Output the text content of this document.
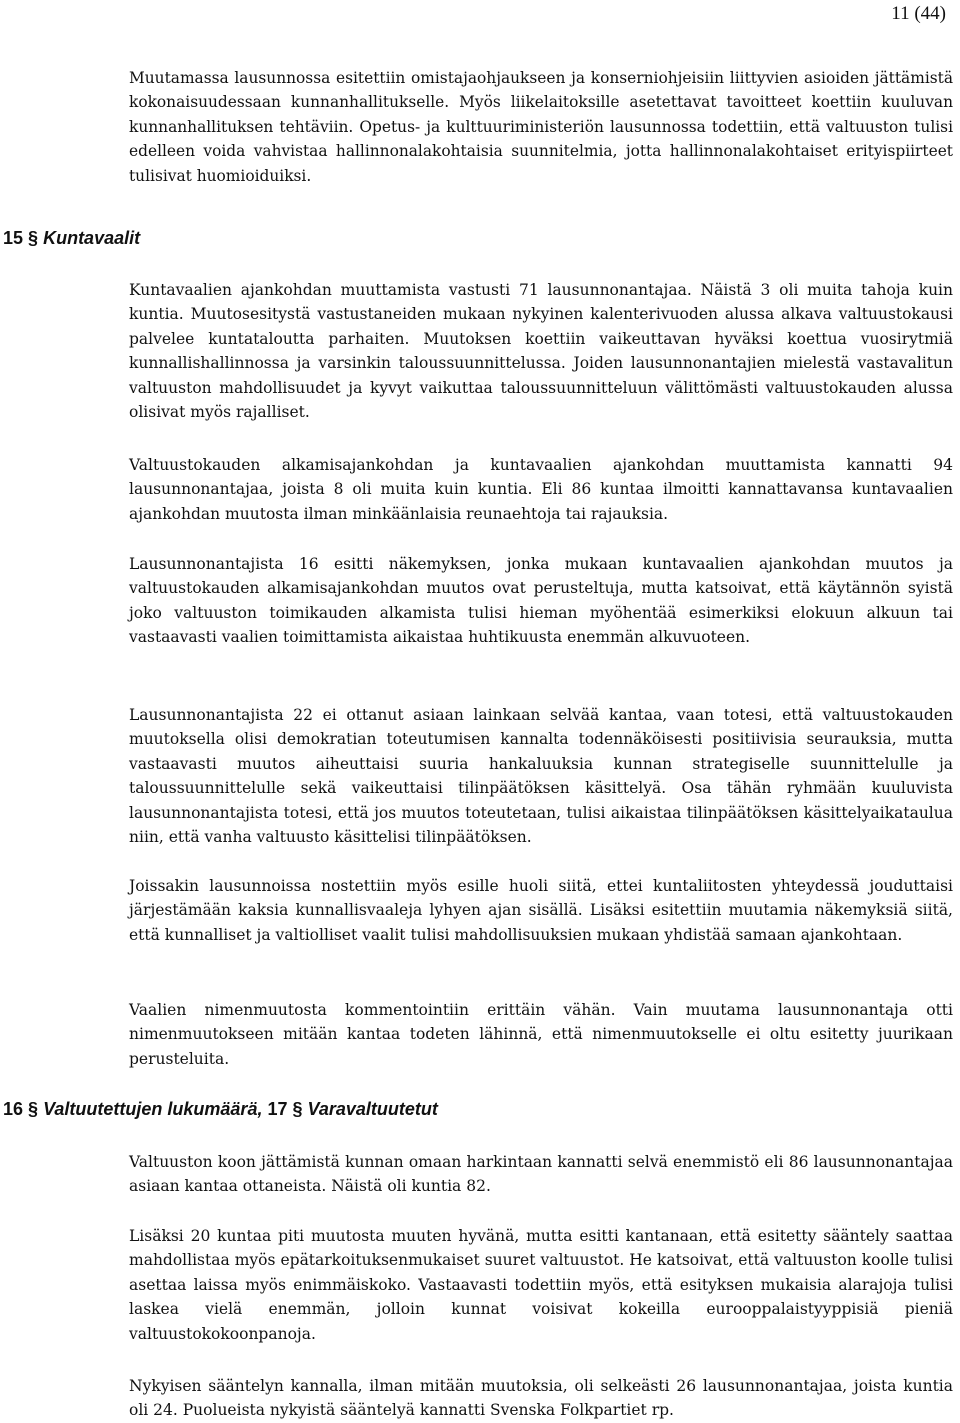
11 (44)

Muutamassa lausunnossa esitettiin omistajaohjaukseen ja konserniohjeisiin liittyvien asioiden jättämistä kokonaisuudessaan kunnanhallitukselle. Myös liikelaitoksille asetettavat tavoitteet koettiin kuuluvan kunnanhallituksen tehtäviin. Opetus- ja kulttuuriministeriön lausunnossa todettiin, että valtuuston tulisi edelleen voida vahvistaa hallinnonalakohtaisia suunnitelmia, jotta hallinnonalakohtaiset erityispiirteet tulisivat huomioiduiksi.

15 § Kuntavaalit

Kuntavaalien ajankohdan muuttamista vastusti 71 lausunnonantajaa. Näistä 3 oli muita tahoja kuin kuntia. Muutosesitystä vastustaneiden mukaan nykyinen kalenterivuoden alussa alkava valtuustokausi palvelee kuntataloutta parhaiten. Muutoksen koettiin vaikeuttavan hyväksi koettua vuosirytmiä kunnallishallinnossa ja varsinkin taloussuunnittelussa. Joiden lausunnonantajien mielestä vastavalitun valtuuston mahdollisuudet ja kyvyt vaikuttaa taloussuunnitteluun välittömästi valtuustokauden alussa olisivat myös rajalliset.

Valtuustokauden alkamisajankohdan ja kuntavaalien ajankohdan muuttamista kannatti 94 lausunnonantajaa, joista 8 oli muita kuin kuntia. Eli 86 kuntaa ilmoitti kannattavansa kuntavaalien ajankohdan muutosta ilman minkäänlaisia reunaehtoja tai rajauksia.

Lausunnonantajista 16 esitti näkemyksen, jonka mukaan kuntavaalien ajankohdan muutos ja valtuustokauden alkamisajankohdan muutos ovat perusteltuja, mutta katsoivat, että käytännön syistä joko valtuuston toimikauden alkamista tulisi hieman myöhentää esimerkiksi elokuun alkuun tai vastaavasti vaalien toimittamista aikaistaa huhtikuusta enemmän alkuvuoteen.

Lausunnonantajista 22 ei ottanut asiaan lainkaan selvää kantaa, vaan totesi, että valtuustokauden muutoksella olisi demokratian toteutumisen kannalta todennäköisesti positiivisia seurauksia, mutta vastaavasti muutos aiheuttaisi suuria hankaluuksia kunnan strategiselle suunnittelulle ja taloussuunnittelulle sekä vaikeuttaisi tilinpäätöksen käsittelyä. Osa tähän ryhmään kuuluvista lausunnonantajista totesi, että jos muutos toteutetaan, tulisi aikaistaa tilinpäätöksen käsittelyaikataulua niin, että vanha valtuusto käsittelisi tilinpäätöksen.

Joissakin lausunnoissa nostettiin myös esille huoli siitä, ettei kuntaliitosten yhteydessä jouduttaisi järjestämään kaksia kunnallisvaaleja lyhyen ajan sisällä. Lisäksi esitettiin muutamia näkemyksiä siitä, että kunnalliset ja valtiolliset vaalit tulisi mahdollisuuksien mukaan yhdistää samaan ajankohtaan.

Vaalien nimenmuutosta kommentointiin erittäin vähän. Vain muutama lausunnonantaja otti nimenmuutokseen mitään kantaa todeten lähinnä, että nimenmuutokselle ei oltu esitetty juurikaan perusteluita.

16 § Valtuutettujen lukumäärä, 17 § Varavaltuutetut

Valtuuston koon jättämistä kunnan omaan harkintaan kannatti selvä enemmistö eli 86 lausunnonantajaa asiaan kantaa ottaneista. Näistä oli kuntia 82.

Lisäksi 20 kuntaa piti muutosta muuten hyvänä, mutta esitti kantanaan, että esitetty sääntely saattaa mahdollistaa myös epätarkoituksenmukaiset suuret valtuustot. He katsoivat, että valtuuston koolle tulisi asettaa laissa myös enimmäiskoko. Vastaavasti todettiin myös, että esityksen mukaisia alarajoja tulisi laskea vielä enemmän, jolloin kunnat voisivat kokeilla eurooppalaistyyppisiä pieniä valtuustokokoonpanoja.

Nykyisen sääntelyn kannalla, ilman mitään muutoksia, oli selkeästi 26 lausunnonantajaa, joista kuntia oli 24. Puolueista nykyistä sääntelyä kannatti Svenska Folkpartiet rp.
